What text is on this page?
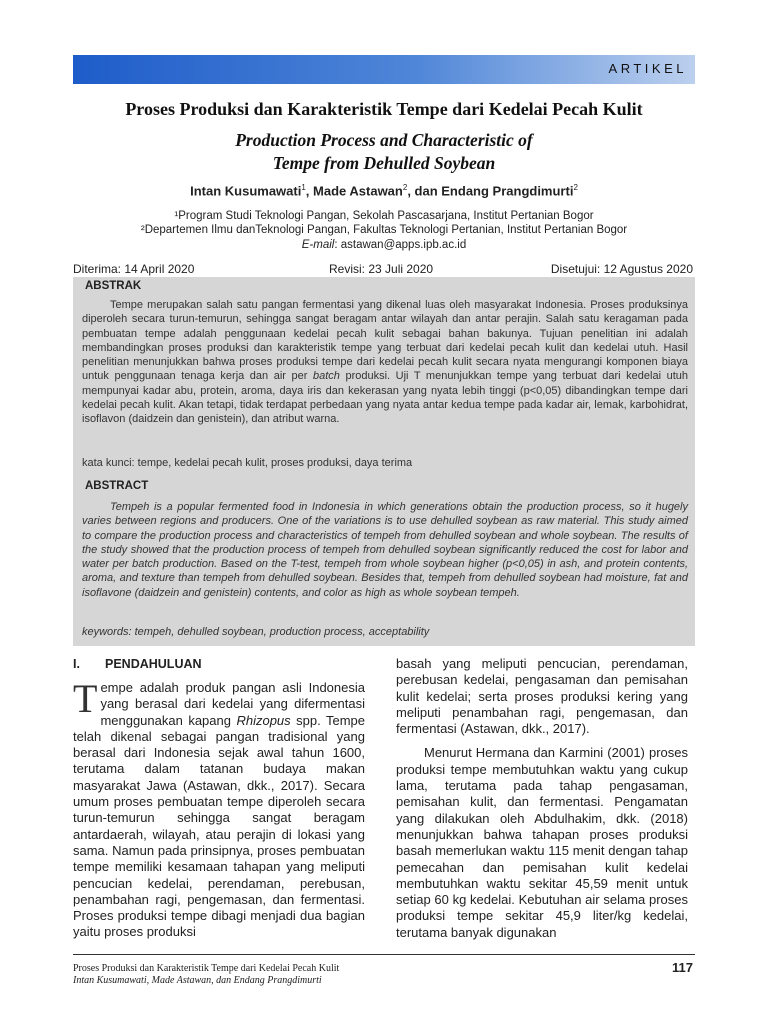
ARTIKEL
Proses Produksi dan Karakteristik Tempe dari Kedelai Pecah Kulit
Production Process and Characteristic of
Tempe from Dehulled Soybean
Intan Kusumawati$^1$, Made Astawan$^2$, dan Endang Prangdimurti$^2$
¹Program Studi Teknologi Pangan, Sekolah Pascasarjana, Institut Pertanian Bogor
²Departemen Ilmu danTeknologi Pangan, Fakultas Teknologi Pertanian, Institut Pertanian Bogor
E-mail: astawan@apps.ipb.ac.id
Diterima: 14 April 2020	Revisi: 23 Juli 2020	Disetujui: 12 Agustus 2020
ABSTRAK

Tempe merupakan salah satu pangan fermentasi yang dikenal luas oleh masyarakat Indonesia. Proses produksinya diperoleh secara turun-temurun, sehingga sangat beragam antar wilayah dan antar perajin. Salah satu keragaman pada pembuatan tempe adalah penggunaan kedelai pecah kulit sebagai bahan bakunya. Tujuan penelitian ini adalah membandingkan proses produksi dan karakteristik tempe yang terbuat dari kedelai pecah kulit dan kedelai utuh. Hasil penelitian menunjukkan bahwa proses produksi tempe dari kedelai pecah kulit secara nyata mengurangi komponen biaya untuk penggunaan tenaga kerja dan air per batch produksi. Uji T menunjukkan tempe yang terbuat dari kedelai utuh mempunyai kadar abu, protein, aroma, daya iris dan kekerasan yang nyata lebih tinggi (p<0,05) dibandingkan tempe dari kedelai pecah kulit. Akan tetapi, tidak terdapat perbedaan yang nyata antar kedua tempe pada kadar air, lemak, karbohidrat, isoflavon (daidzein dan genistein), dan atribut warna.

kata kunci: tempe, kedelai pecah kulit, proses produksi, daya terima
ABSTRACT

Tempeh is a popular fermented food in Indonesia in which generations obtain the production process, so it hugely varies between regions and producers. One of the variations is to use dehulled soybean as raw material. This study aimed to compare the production process and characteristics of tempeh from dehulled soybean and whole soybean. The results of the study showed that the production process of tempeh from dehulled soybean significantly reduced the cost for labor and water per batch production. Based on the T-test, tempeh from whole soybean higher (p<0,05) in ash, and protein contents, aroma, and texture than tempeh from dehulled soybean. Besides that, tempeh from dehulled soybean had moisture, fat and isoflavone (daidzein and genistein) contents, and color as high as whole soybean tempeh.

keywords: tempeh, dehulled soybean, production process, acceptability
I. PENDAHULUAN

Tempe adalah produk pangan asli Indonesia yang berasal dari kedelai yang difermentasi menggunakan kapang Rhizopus spp. Tempe telah dikenal sebagai pangan tradisional yang berasal dari Indonesia sejak awal tahun 1600, terutama dalam tatanan budaya makan masyarakat Jawa (Astawan, dkk., 2017). Secara umum proses pembuatan tempe diperoleh secara turun-temurun sehingga sangat beragam antardaerah, wilayah, atau perajin di lokasi yang sama. Namun pada prinsipnya, proses pembuatan tempe memiliki kesamaan tahapan yang meliputi pencucian kedelai, perendaman, perebusan, penambahan ragi, pengemasan, dan fermentasi. Proses produksi tempe dibagi menjadi dua bagian yaitu proses produksi

basah yang meliputi pencucian, perendaman, perebusan kedelai, pengasaman dan pemisahan kulit kedelai; serta proses produksi kering yang meliputi penambahan ragi, pengemasan, dan fermentasi (Astawan, dkk., 2017).

Menurut Hermana dan Karmini (2001) proses produksi tempe membutuhkan waktu yang cukup lama, terutama pada tahap pengasaman, pemisahan kulit, dan fermentasi. Pengamatan yang dilakukan oleh Abdulhakim, dkk. (2018) menunjukkan bahwa tahapan proses produksi basah memerlukan waktu 115 menit dengan tahap pemecahan dan pemisahan kulit kedelai membutuhkan waktu sekitar 45,59 menit untuk setiap 60 kg kedelai. Kebutuhan air selama proses produksi tempe sekitar 45,9 liter/kg kedelai, terutama banyak digunakan

Proses Produksi dan Karakteristik Tempe dari Kedelai Pecah Kulit
Intan Kusumawati, Made Astawan, dan Endang Prangdimurti
117
